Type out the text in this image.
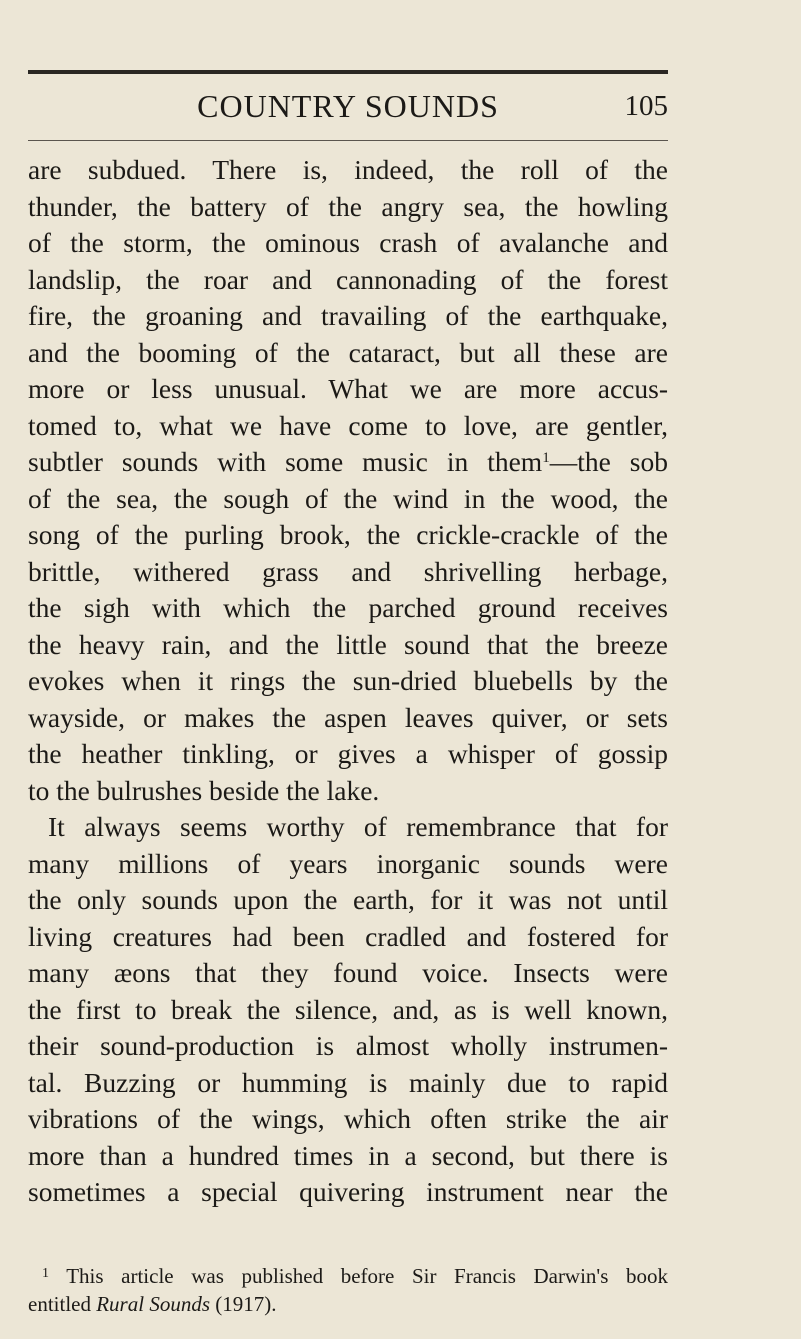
COUNTRY SOUNDS	105
are subdued. There is, indeed, the roll of the
thunder, the battery of the angry sea, the howling
of the storm, the ominous crash of avalanche and
landslip, the roar and cannonading of the forest
fire, the groaning and travailing of the earthquake,
and the booming of the cataract, but all these are
more or less unusual. What we are more accus-
tomed to, what we have come to love, are gentler,
subtler sounds with some music in them$^1$—the sob
of the sea, the sough of the wind in the wood, the
song of the purling brook, the crickle-crackle of the
brittle, withered grass and shrivelling herbage,
the sigh with which the parched ground receives
the heavy rain, and the little sound that the breeze
evokes when it rings the sun-dried bluebells by the
wayside, or makes the aspen leaves quiver, or sets
the heather tinkling, or gives a whisper of gossip
to the bulrushes beside the lake.
It always seems worthy of remembrance that for
many millions of years inorganic sounds were
the only sounds upon the earth, for it was not until
living creatures had been cradled and fostered for
many æons that they found voice. Insects were
the first to break the silence, and, as is well known,
their sound-production is almost wholly instrumen-
tal. Buzzing or humming is mainly due to rapid
vibrations of the wings, which often strike the air
more than a hundred times in a second, but there is
sometimes a special quivering instrument near the
$^1$ This article was published before Sir Francis Darwin's book
entitled Rural Sounds (1917).
